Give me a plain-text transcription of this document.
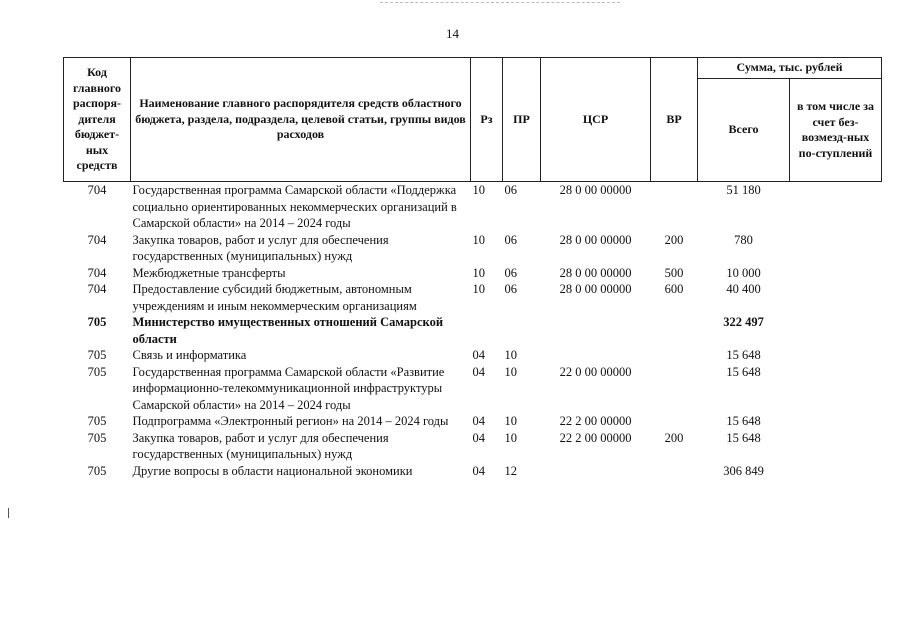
14
Код главного распоря-дителя бюджет-ных средств	Наименование главного распорядителя средств областного бюджета, раздела, подраздела, целевой статьи, группы видов расходов	Рз	ПР	ЦСР	ВР	Сумма, тыс. рублей	
						Всего	в том числе за счет без-возмезд-ных по-ступлений
704	Государственная программа Самарской области «Поддержка социально ориентированных некоммерческих организаций в Самарской области» на 2014 – 2024 годы	10	06	28 0 00 00000		51 180	
704	Закупка товаров, работ и услуг для обеспечения государственных (муниципальных) нужд	10	06	28 0 00 00000	200	780	
704	Межбюджетные трансферты	10	06	28 0 00 00000	500	10 000	
704	Предоставление субсидий бюджетным, автономным учреждениям и иным некоммерческим организациям	10	06	28 0 00 00000	600	40 400	
705	Министерство имущественных отношений Самарской области					322 497	
705	Связь и информатика	04	10			15 648	
705	Государственная программа Самарской области «Развитие информационно-телекоммуникационной инфраструктуры Самарской области» на 2014 – 2024 годы	04	10	22 0 00 00000		15 648	
705	Подпрограмма «Электронный регион» на 2014 – 2024 годы	04	10	22 2 00 00000		15 648	
705	Закупка товаров, работ и услуг для обеспечения государственных (муниципальных) нужд	04	10	22 2 00 00000	200	15 648	
705	Другие вопросы в области национальной экономики	04	12			306 849	
